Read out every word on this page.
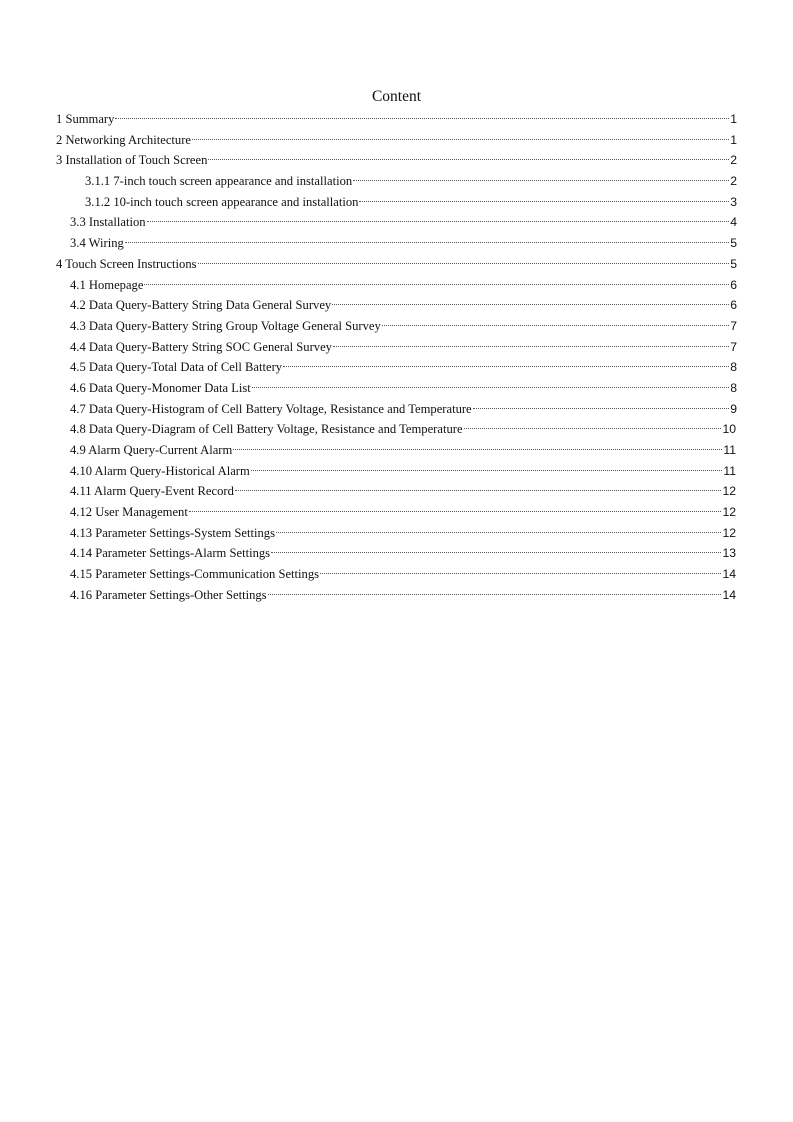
Content
1 Summary	1
2 Networking Architecture	1
3 Installation of Touch Screen	2
3.1.1 7-inch touch screen appearance and installation	2
3.1.2 10-inch touch screen appearance and installation	3
3.3 Installation	4
3.4 Wiring	5
4 Touch Screen Instructions	5
4.1 Homepage	6
4.2 Data Query-Battery String Data General Survey	6
4.3 Data Query-Battery String Group Voltage General Survey	7
4.4 Data Query-Battery String SOC General Survey	7
4.5 Data Query-Total Data of Cell Battery	8
4.6 Data Query-Monomer Data List	8
4.7 Data Query-Histogram of Cell Battery Voltage, Resistance and Temperature	9
4.8 Data Query-Diagram of Cell Battery Voltage, Resistance and Temperature	10
4.9 Alarm Query-Current Alarm	11
4.10 Alarm Query-Historical Alarm	11
4.11 Alarm Query-Event Record	12
4.12 User Management	12
4.13 Parameter Settings-System Settings	12
4.14 Parameter Settings-Alarm Settings	13
4.15 Parameter Settings-Communication Settings	14
4.16 Parameter Settings-Other Settings	14
